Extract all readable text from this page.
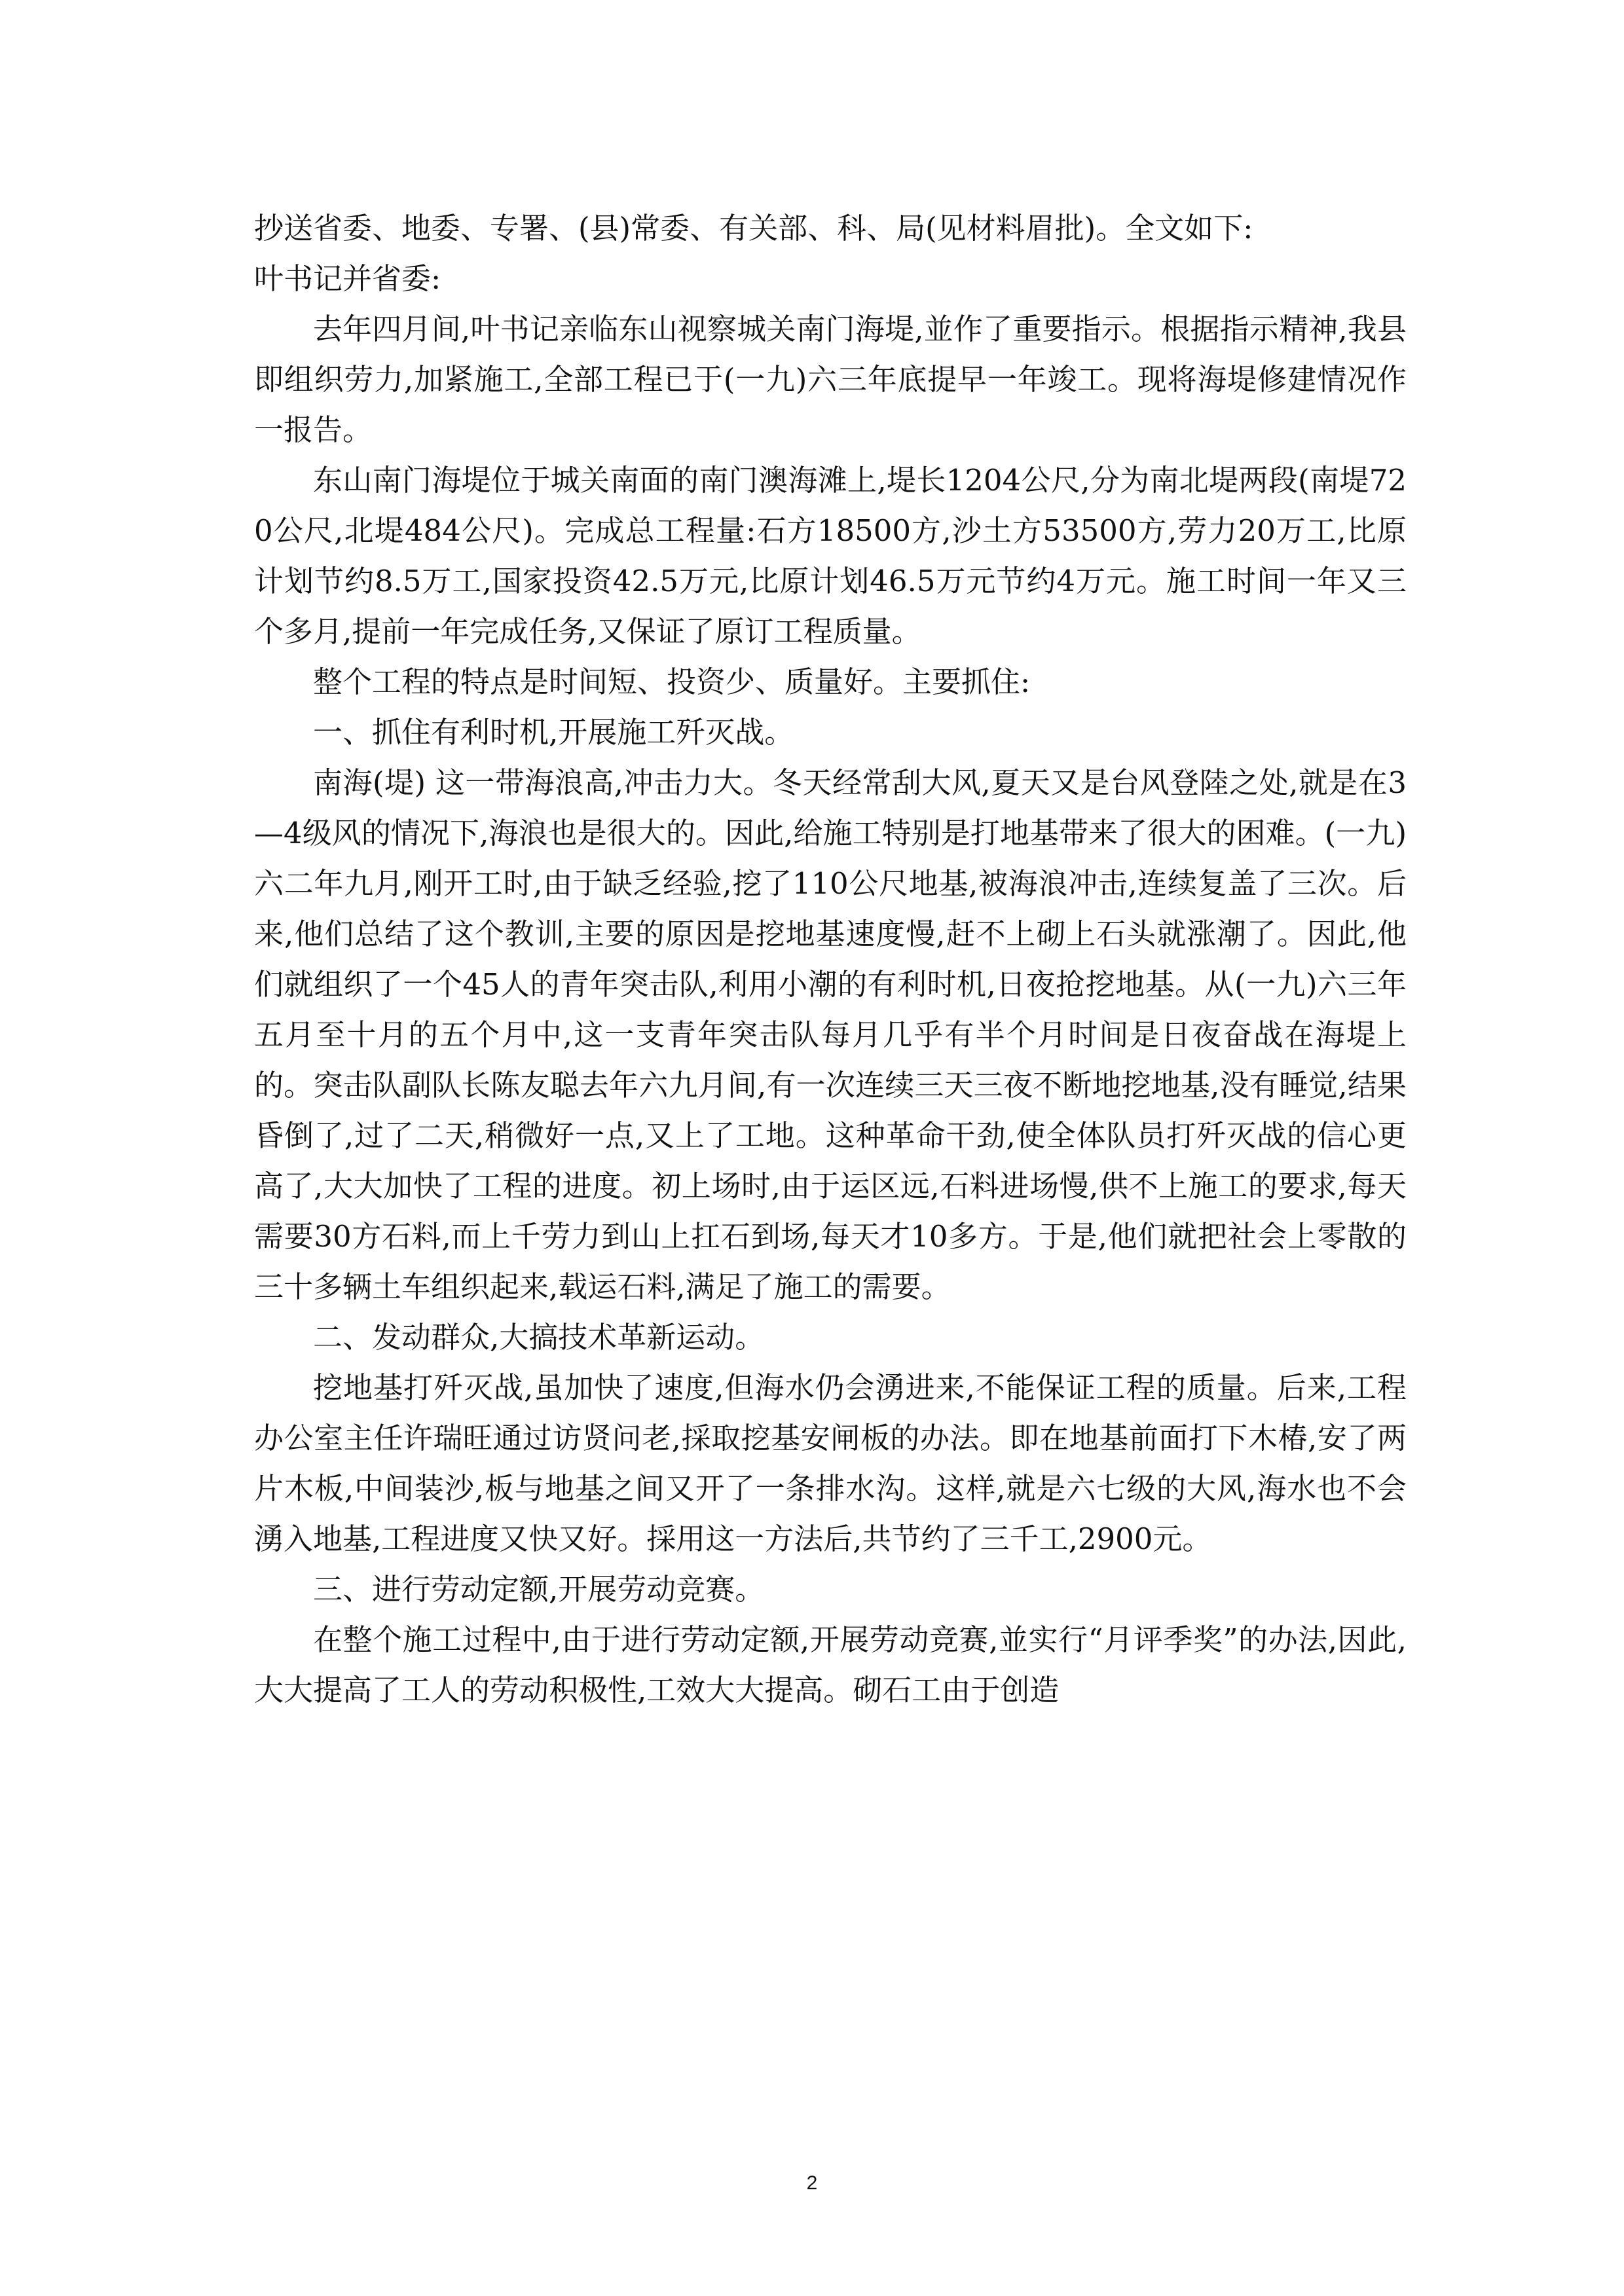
抄送省委、地委、专署、(县)常委、有关部、科、局(见材料眉批)。全文如下:

叶书记并省委:

去年四月间,叶书记亲临东山视察城关南门海堤,並作了重要指示。根据指示精神,我县即组织劳力,加紧施工,全部工程已于(一九)六三年底提早一年竣工。现将海堤修建情况作一报告。

东山南门海堤位于城关南面的南门澳海滩上,堤长1204公尺,分为南北堤两段(南堤720公尺,北堤484公尺)。完成总工程量:石方18500方,沙土方53500方,劳力20万工,比原计划节约8.5万工,国家投资42.5万元,比原计划46.5万元节约4万元。施工时间一年又三个多月,提前一年完成任务,又保证了原订工程质量。

整个工程的特点是时间短、投资少、质量好。主要抓住:

一、抓住有利时机,开展施工歼灭战。

南海(堤) 这一带海浪高,冲击力大。冬天经常刮大风,夏天又是台风登陸之处,就是在3—4级风的情况下,海浪也是很大的。因此,给施工特别是打地基带来了很大的困难。(一九)六二年九月,刚开工时,由于缺乏经验,挖了110公尺地基,被海浪冲击,连续复盖了三次。后来,他们总结了这个教训,主要的原因是挖地基速度慢,赶不上砌上石头就涨潮了。因此,他们就组织了一个45人的青年突击队,利用小潮的有利时机,日夜抢挖地基。从(一九)六三年五月至十月的五个月中,这一支青年突击队每月几乎有半个月时间是日夜奋战在海堤上的。突击队副队长陈友聪去年六九月间,有一次连续三天三夜不断地挖地基,没有睡觉,结果昏倒了,过了二天,稍微好一点,又上了工地。这种革命干劲,使全体队员打歼灭战的信心更高了,大大加快了工程的进度。初上场时,由于运区远,石料进场慢,供不上施工的要求,每天需要30方石料,而上千劳力到山上扛石到场,每天才10多方。于是,他们就把社会上零散的三十多辆土车组织起来,载运石料,满足了施工的需要。

二、发动群众,大搞技术革新运动。

挖地基打歼灭战,虽加快了速度,但海水仍会湧进来,不能保证工程的质量。后来,工程办公室主任许瑞旺通过访贤问老,採取挖基安闸板的办法。即在地基前面打下木椿,安了两片木板,中间装沙,板与地基之间又开了一条排水沟。这样,就是六七级的大风,海水也不会湧入地基,工程进度又快又好。採用这一方法后,共节约了三千工,2900元。

三、进行劳动定额,开展劳动竞赛。

在整个施工过程中,由于进行劳动定额,开展劳动竞赛,並实行“月评季奖”的办法,因此,大大提高了工人的劳动积极性,工效大大提高。砌石工由于创造

2
